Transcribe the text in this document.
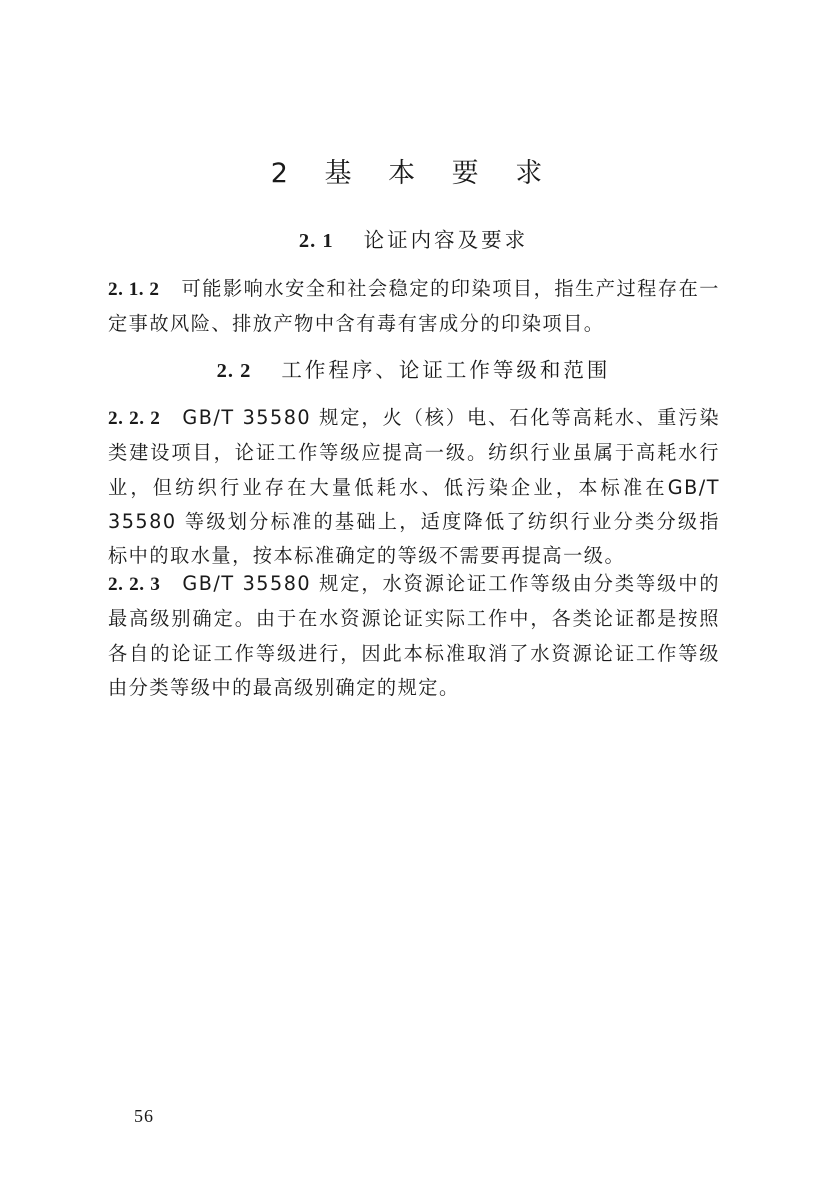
2 基 本 要 求
2. 1 论证内容及要求

2. 1. 2 可能影响水安全和社会稳定的印染项目，指生产过程存在一定事故风险、排放产物中含有毒有害成分的印染项目。

2. 2 工作程序、论证工作等级和范围

2. 2. 2 GB/T 35580 规定，火（核）电、石化等高耗水、重污染类建设项目，论证工作等级应提高一级。纺织行业虽属于高耗水行业，但纺织行业存在大量低耗水、低污染企业，本标准在GB/T 35580 等级划分标准的基础上，适度降低了纺织行业分类分级指标中的取水量，按本标准确定的等级不需要再提高一级。

2. 2. 3 GB/T 35580 规定，水资源论证工作等级由分类等级中的最高级别确定。由于在水资源论证实际工作中，各类论证都是按照各自的论证工作等级进行，因此本标准取消了水资源论证工作等级由分类等级中的最高级别确定的规定。

56
